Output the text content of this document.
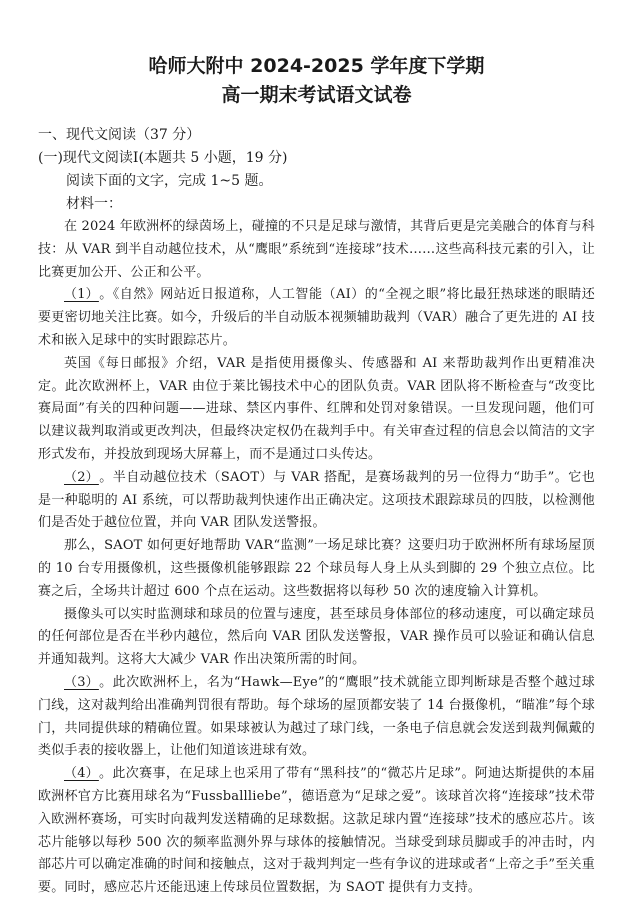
哈师大附中 2024-2025 学年度下学期
高一期末考试语文试卷
一、现代文阅读（37 分）
(一)现代文阅读Ⅰ(本题共 5 小题，19 分)
阅读下面的文字，完成 1~5 题。
材料一：
在 2024 年欧洲杯的绿茵场上，碰撞的不只是足球与激情，其背后更是完美融合的体育与科技：从 VAR 到半自动越位技术，从“鹰眼”系统到“连接球”技术……这些高科技元素的引入，让比赛更加公开、公正和公平。
（1）。《自然》网站近日报道称，人工智能（AI）的“全视之眼”将比最狂热球迷的眼睛还要更密切地关注比赛。如今，升级后的半自动版本视频辅助裁判（VAR）融合了更先进的 AI 技术和嵌入足球中的实时跟踪芯片。
英国《每日邮报》介绍，VAR 是指使用摄像头、传感器和 AI 来帮助裁判作出更精准决定。此次欧洲杯上，VAR 由位于莱比锡技术中心的团队负责。VAR 团队将不断检查与“改变比赛局面”有关的四种问题——进球、禁区内事件、红牌和处罚对象错误。一旦发现问题，他们可以建议裁判取消或更改判决，但最终决定权仍在裁判手中。有关审查过程的信息会以简洁的文字形式发布，并投放到现场大屏幕上，而不是通过口头传达。
（2）。半自动越位技术（SAOT）与 VAR 搭配，是赛场裁判的另一位得力“助手”。它也是一种聪明的 AI 系统，可以帮助裁判快速作出正确决定。这项技术跟踪球员的四肢，以检测他们是否处于越位位置，并向 VAR 团队发送警报。
那么，SAOT 如何更好地帮助 VAR“监测”一场足球比赛？这要归功于欧洲杯所有球场屋顶的 10 台专用摄像机，这些摄像机能够跟踪 22 个球员每人身上从头到脚的 29 个独立点位。比赛之后，全场共计超过 600 个点在运动。这些数据将以每秒 50 次的速度输入计算机。
摄像头可以实时监测球和球员的位置与速度，甚至球员身体部位的移动速度，可以确定球员的任何部位是否在半秒内越位，然后向 VAR 团队发送警报，VAR 操作员可以验证和确认信息并通知裁判。这将大大减少 VAR 作出决策所需的时间。
（3）。此次欧洲杯上，名为“Hawk—Eye”的“鹰眼”技术就能立即判断球是否整个越过球门线，这对裁判给出准确判罚很有帮助。每个球场的屋顶都安装了 14 台摄像机，“瞄准”每个球门，共同提供球的精确位置。如果球被认为越过了球门线，一条电子信息就会发送到裁判佩戴的类似手表的接收器上，让他们知道该进球有效。
（4）。此次赛事，在足球上也采用了带有“黑科技”的“微芯片足球”。阿迪达斯提供的本届欧洲杯官方比赛用球名为“Fussballliebe”，德语意为“足球之爱”。该球首次将“连接球”技术带入欧洲杯赛场，可实时向裁判发送精确的足球数据。这款足球内置“连接球”技术的感应芯片。该芯片能够以每秒 500 次的频率监测外界与球体的接触情况。当球受到球员脚或手的冲击时，内部芯片可以确定准确的时间和接触点，这对于裁判判定一些有争议的进球或者“上帝之手”至关重要。同时，感应芯片还能迅速上传球员位置数据，为 SAOT 提供有力支持。
